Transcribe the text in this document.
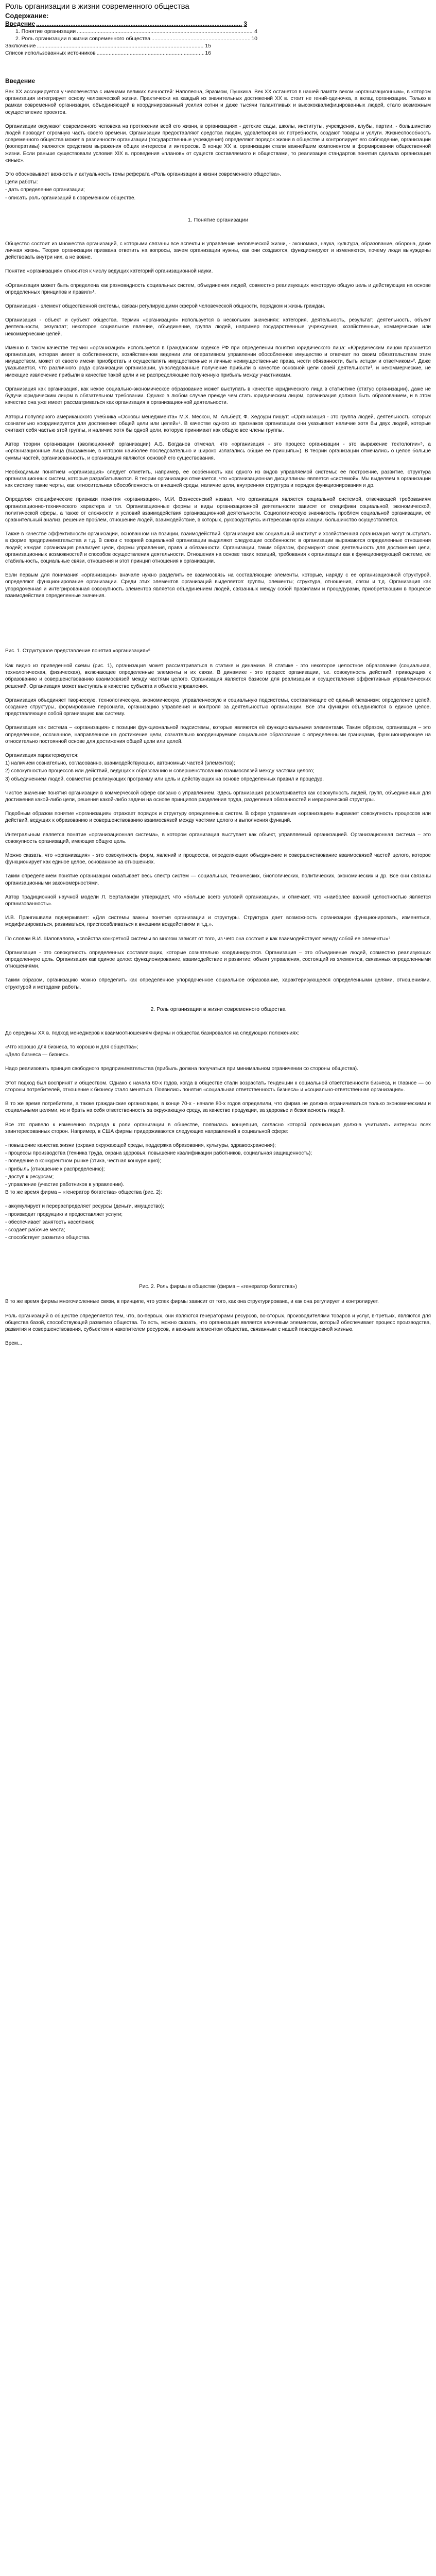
Роль организации в жизни современного общества
Содержание:
Введение .....	3
1. Понятие организации .....	4
2. Роль организации в жизни современного общества .....	10
Заключение .....	15
Список использованных источников .....	16
Введение

Век XX ассоциируется у человечества с именами великих личностей: Наполеона, Эразмом, Пушкина. Век XX останется в нашей памяти веком «организационным», в котором организация интегрирует основу человеческой жизни. Практически на каждый из значительных достижений XX в. стоит не гений-одиночка, а вклад организации. Только в рамках современной организации, объединяющей в координированный усилия сотни и даже тысячи талантливых и высококвалифицированных людей, стало возможным осуществление проектов.

Организации окружают современного человека на протяжении всей его жизни, в организациях - детские сады, школы, институты, учреждения, клубы, партии, - большинство людей проводит огромную часть своего времени. Организации предоставляют средства людям, удовлетворяя их потребности, создают товары и услуги. Жизнеспособность современного общества может в различности организации (государственные учреждения) определяют порядок жизни в обществе и контролирует его соблюдение, организации (кооперативы) являются средством выражения общих интересов и интересов. В конце XX в. организации стали важнейшим компонентом в формировании общественной жизни. Если раньше существовали условия XIX в. проведения «планов» от существ составляемого и обществами, то реализация стандартов понятия сделала организация «иные».

Это обосновывает важность и актуальность темы реферата «Роль организации в жизни современного общества».

Цели работы:

- дать определение организации;

- описать роль организаций в современном обществе.

1. Понятие организации

Общество состоит из множества организаций, с которыми связаны все аспекты и управление человеческой жизни, - экономика, наука, культура, образование, оборона, даже личная жизнь. Теория организации призвана ответить на вопросы, зачем организации нужны, как они создаются, функционируют и изменяются, почему люди вынуждены действовать внутри них, а не вовне.

Понятие «организация» относится к числу ведущих категорий организационной науки.

«Организация может быть определена как разновидность социальных систем, объединения людей, совместно реализующих некоторую общую цель и действующих на основе определенных принципов и правил»¹.

Организация - элемент общественной системы, связан регулирующими сферой человеческой общности, порядком и жизнь граждан.

Организация - объект и субъект общества. Термин «организация» используется в нескольких значениях: категория, деятельность, результат; деятельность, объект деятельности, результат; некоторое социальное явление, объединение, группа людей, например государственные учреждения, хозяйственные, коммерческие или некоммерческие целей.

Именно в таком качестве термин «организация» используется в Гражданском кодексе РФ при определении понятия юридического лица: «Юридическим лицом признается организация, которая имеет в собственности, хозяйственном ведении или оперативном управлении обособленное имущество и отвечает по своим обязательствам этим имуществом, может от своего имени приобретать и осуществлять имущественные и личные неимущественные права, нести обязанности, быть истцом и ответчиком»². Даже указывается, что различного рода организации организации, унаследованные получение прибыли в качестве основной цели своей деятельности³, и некоммерческие, не имеющие извлечение прибыли в качестве такой цели и не распределяющие полученную прибыль между участниками.

Организация как организация, как некое социально-экономическое образование может выступать в качестве юридического лица в статистике (статус организации), даже не будучи юридическим лицом в обязательном требовании. Однако в любом случае прежде чем стать юридическим лицом, организация должна быть образованием, и в этом качестве она уже имеет рассматриваться как организация в организационной деятельности.

Авторы популярного американского учебника «Основы менеджмента» М.Х. Мескон, М. Альберт, Ф. Хедоури пишут: «Организация - это группа людей, деятельность которых сознательно координируется для достижения общей цели или целей»⁴. В качестве одного из признаков организации они указывают наличие хотя бы двух людей, которые считают себя частью этой группы, и наличие хотя бы одной цели, которую принимают как общую все члены группы.

Автор теории организации (эволюционной организации) А.Б. Богданов отмечал, что «организация - это процесс организации - это выражение тектологии»⁵, а «организационные лица (выражение, в котором наиболее последовательно и широко излагались общие ее принципы»). В теории организации отмечались о целое больше суммы частей, организованность, и организация являются основой его существования.

Необходимым понятием «организация» следует отметить, например, ее особенность как одного из видов управляемой системы: ее построение, развитие, структура организационных систем, которые разрабатываются. В теории организации отмечается, что «организационная дисциплина» является «системой». Мы выделяем в организации как систему такие черты, как: относительная обособленность от внешней среды, наличие цели, внутренняя структура и порядок функционирования и др.

Определяя специфические признаки понятия «организация», М.И. Вознесенский назвал, что организация является социальной системой, отвечающей требованиям организационно-технического характера и т.п. Организационные формы и виды организационной деятельности зависят от специфики социальной, экономической, политической сферы, а также от сложности и условий взаимодействия организационной деятельности. Социологическую значимость проблем социальной организации, её сравнительный анализ, решение проблем, отношение людей, взаимодействие, в которых, руководствуясь интересами организации, большинство осуществляется.

Также в качестве эффективности организации, основанном на позиции, взаимодействий. Организация как социальный институт и хозяйственная организация могут выступать в форме предпринимательства и т.д. В связи с теорией социальной организации выделяют следующие особенности: в организации выражаются определенные отношения людей; каждая организация реализует цели, формы управления, права и обязанности. Организации, таким образом, формируют свою деятельность для достижения цели, организационных возможностей и способов осуществления деятельности. Отношения на основе таких позиций, требования к организации как к функционирующей системе, ее стабильность, социальные связи, отношения и этот принцип отношения к организации.

Если первым для понимания «организации» вначале нужно разделить ее взаимосвязь на составляющие элементы, которые, наряду с ее организационной структурой, определяют функционирование организации. Среди этих элементов организаций выделяется: группы, элементы; структура, отношения, связи и т.д. Организация как упорядоченная и интегрированная совокупность элементов является объединением людей, связанных между собой правилами и процедурами, приобретающим в процессе взаимодействия определенные значения.

Рис. 1. Структурное представление понятия «организация»⁶

Как видно из приведенной схемы (рис. 1), организация может рассматриваться в статике и динамике. В статике - это некоторое целостное образование (социальная, технологическая, физическая), включающее определенные элементы и их связи. В динамике - это процесс организации, т.е. совокупность действий, приводящих к образованию и совершенствованию взаимосвязей между частями целого. Организация является базисом для реализации и осуществления эффективных управленческих решений. Организация может выступать в качестве субъекта и объекта управления.

Организация объединяет творческую, технологическую, экономическую, управленческую и социальную подсистемы, составляющие её единый механизм: определение целей, создание структуры, формирование персонала, организацию управления и контроля за деятельностью организации. Все эти функции объединяются в единое целое, представляющее собой организацию как систему.

Организация как система – «организация» с позиции функциональной подсистемы, которые являются её функциональными элементами. Таким образом, организация – это определенное, осознанное, направленное на достижение цели, сознательно координируемое социальное образование с определенными границами, функционирующее на относительно постоянной основе для достижения общей цели или целей.

Организация характеризуется:

1) наличием сознательно, согласованно, взаимодействующих, автономных частей (элементов);

2) совокупностью процессов или действий, ведущих к образованию и совершенствованию взаимосвязей между частями целого;

3) объединением людей, совместно реализующих программу или цель и действующих на основе определенных правил и процедур.

Чистое значение понятия организации в коммерческой сфере связано с управлением. Здесь организация рассматривается как совокупность людей, групп, объединенных для достижения какой-либо цели, решения какой-либо задачи на основе принципов разделения труда, разделения обязанностей и иерархической структуры.

Подобным образом понятие «организация» отражает порядок и структуру определенных систем. В сфере управления «организация» выражает совокупность процессов или действий, ведущих к образованию и совершенствованию взаимосвязей между частями целого и выполнения функций.

Интегральным является понятие «организационная система», в котором организация выступает как объект, управляемый организацией. Организационная система – это совокупность организаций, имеющих общую цель.

Можно сказать, что «организация» - это совокупность форм, явлений и процессов, определяющих объединение и совершенствование взаимосвязей частей целого, которое функционирует как единое целое, основанное на отношениях.

Таким определением понятие организации охватывает весь спектр систем — социальных, технических, биологических, политических, экономических и др. Все они связаны организационными закономерностями.

Автор традиционной научной модели Л. Берталанфи утверждает, что «больше всего условий организации», и отмечает, что «наиболее важной целостностью является организованность».

И.В. Прангишвили подчеркивает: «Для системы важны понятия организации и структуры. Структура дает возможность организации функционировать, изменяться, модифицироваться, развиваться, приспосабливаться к внешним воздействиям и т.д.».

По словам В.И. Шаповалова, «свойства конкретной системы во многом зависят от того, из чего она состоит и как взаимодействуют между собой ее элементы»⁷.

Организация - это совокупность определенных составляющих, которые сознательно координируются. Организация – это объединение людей, совместно реализующих определенную цель. Организация как единое целое: функционирование, взаимодействие и развитие; объект управления, состоящий из элементов, связанных определенными отношениями.

Таким образом, организацию можно определить как определённое упорядоченное социальное образование, характеризующееся определенными целями, отношениями, структурой и методами работы.

2. Роль организации в жизни современного общества

До середины XX в. подход менеджеров к взаимоотношениям фирмы и общества базировался на следующих положениях:

«Что хорошо для бизнеса, то хорошо и для общества»;

«Дело бизнеса — бизнес».

Надо реализовать принцип свободного предпринимательства (прибыль должна получаться при минимальном ограничении со стороны общества).

Этот подход был воспринят и обществом. Однако с начала 60-х годов, когда в обществе стали возрастать тенденции к социальной ответственности бизнеса, и главное — со стороны потребителей, отношение к бизнесу стало меняться. Появились понятия «социальная ответственность бизнеса» и «социально-ответственная организация».

В то же время потребители, а также гражданские организации, в конце 70-х - начале 80-х годов определили, что фирма не должна ограничиваться только экономическими и социальными целями, но и брать на себя ответственность за окружающую среду, за качество продукции, за здоровье и безопасность людей.

Все это привело к изменению подхода к роли организации в обществе, появилась концепция, согласно которой организация должна учитывать интересы всех заинтересованных сторон. Например, в США фирмы придерживаются следующих направлений в социальной сфере:

- повышение качества жизни (охрана окружающей среды, поддержка образования, культуры, здравоохранения);

- процессы производства (техника труда, охрана здоровья, повышение квалификации работников, социальная защищенность);

- поведение в конкурентном рынке (этика, честная конкуренция);

- прибыль (отношение к распределению);

- доступ к ресурсам;

- управление (участие работников в управлении).

В то же время фирма – «генератор богатства» общества (рис. 2):

- аккумулирует и перераспределяет ресурсы (деньги, имущество);

- производит продукцию и предоставляет услуги;

- обеспечивает занятость населения;

- создает рабочие места;

- способствует развитию общества.

Рис. 2. Роль фирмы в обществе (фирма – «генератор богатства»)

В то же время фирмы многочисленные связи, в принципе, что успех фирмы зависит от того, как она структурирована, и как она регулирует и контролирует.

Роль организаций в обществе определяется тем, что, во-первых, они являются генераторами ресурсов, во-вторых, производителями товаров и услуг, в-третьих, являются для общества базой, способствующей развитию общества. То есть, можно сказать, что организация является ключевым элементом, который обеспечивает процесс производства, развития и совершенствования, субъектом и накопителем ресурсов, и важным элементом общества, связанным с нашей повседневной жизнью.

Врем...
